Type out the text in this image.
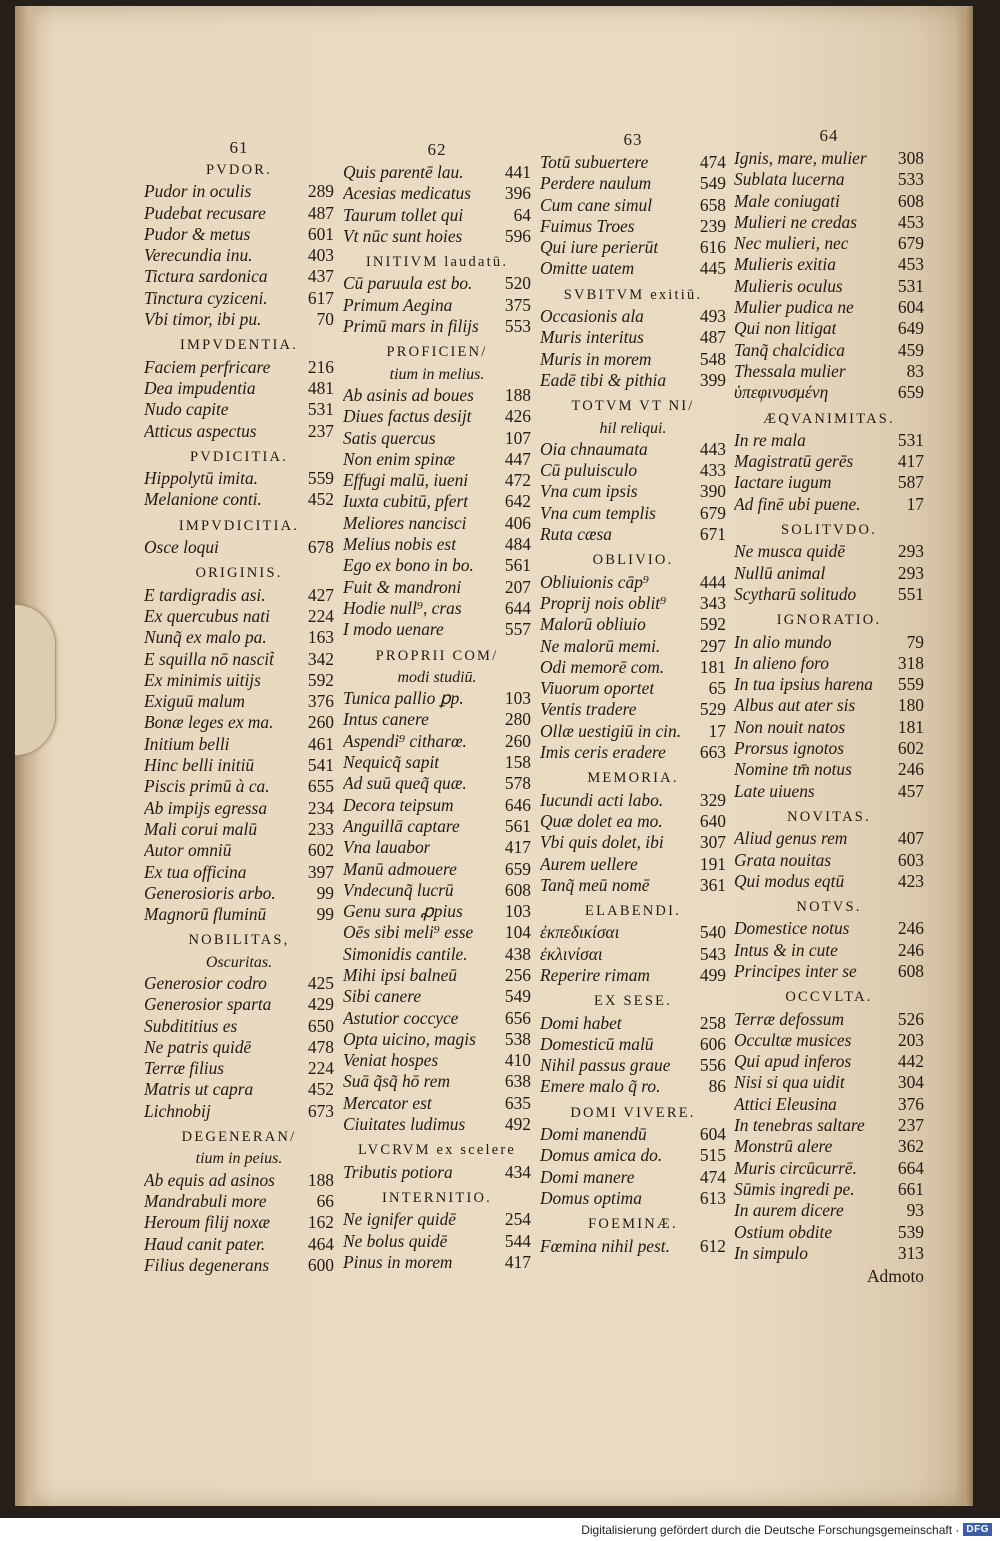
61
PVDOR.
Pudor in oculis	289
Pudebat recusare 487
Pudor & metus	601
Verecundia inu.	403
Tictura sardonica 437
Tinctura cyziceni. 617
Vbi timor, ibi pu.	70
IMPVDENTIA.
Faciem perfricare 216
Dea impudentia	481
Nudo capite	531
Atticus aspectus	237
PVDICITIA.
Hippolytū imita.	559
Melanione conti.	452
IMPVDICITIA.
Osce loqui	678
ORIGINIS.
E tardigradis asi. 427
Ex quercubus nati 224
Nunq̃ ex malo pa. 163
E squilla nō nascit̃ 342
Ex minimis uitijs	592
Exiguū malum	376
Bonæ leges ex ma. 260
Initium belli	461
Hinc belli initiū	541
Piscis primū à ca. 655
Ab impijs egressa 234
Mali corui malū	233
Autor omniū	602
Ex tua officina	397
Generosioris arbo. 99
Magnorū fluminū	99
NOBILITAS,
Oscuritas.
Generosior codro 425
Generosior sparta 429
Subdititius es	650
Ne patris quidē	478
Terræ filius	224
Matris ut capra	452
Lichnobij	673
DEGENERAN/
tium in peius.
Ab equis ad asinos 188
Mandrabuli more	66
Heroum filij noxæ 162
Haud canit pater. 464
Filius degenerans 600
62
Quis parentē lau. 441
Acesias medicatus 396
Taurum tollet qui	64
Vt nūc sunt hoies 596
INITIVM laudatū.
Cū paruula est bo. 520
Primum Aegina	375
Primū mars in filijs 553
PROFICIEN/
tium in melius.
Ab asinis ad boues 188
Diues factus desijt 426
Satis quercus	107
Non enim spinæ	447
Effugi malū, iueni 472
Iuxta cubitū, pfert 642
Meliores nancisci 406
Melius nobis est	484
Ego ex bono in bo. 561
Fuit & mandroni	207
Hodie null⁹, cras 644
I modo uenare	557
PROPRII COM/
modi studiū.
Tunica pallio ꝑp. 103
Intus canere	280
Aspendi⁹ citharœ. 260
Nequicq̃ sapit	158
Ad suū queq̃ quæ. 578
Decora teipsum	646
Anguillā captare	561
Vna lauabor	417
Manū admouere	659
Vndecunq̃ lucrū	608
Genu sura ꝓpius 103
Oēs sibi meli⁹ esse 104
Simonidis cantile. 438
Mihi ipsi balneū	256
Sibi canere	549
Astutior coccyce	656
Opta uicino, magis 538
Veniat hospes	410
Suā q̃sq̃ hō rem	638
Mercator est	635
Ciuitates ludimus 492
LVCRVM ex scelere
Tributis potiora	434
INTERNITIO.
Ne ignifer quidē	254
Ne bolus quidē	544
Pinus in morem	417
63
Totū subuertere	474
Perdere naulum	549
Cum cane simul	658
Fuimus Troes	239
Qui iure perierūt 616
Omitte uatem	445
SVBITVM exitiū.
Occasionis ala	493
Muris interitus	487
Muris in morem	548
Eadē tibi & pithia 399
TOTVM VT NI/
hil reliqui.
Oia chnaumata	443
Cū puluisculo	433
Vna cum ipsis	390
Vna cum templis	679
Ruta cæsa	671
OBLIVIO.
Obliuionis cāp⁹	444
Proprij nois oblit⁹ 343
Malorū obliuio	592
Ne malorū memi. 297
Odi memorē com. 181
Viuorum oportet	65
Ventis tradere	529
Ollæ uestigiū in cin. 17
Imis ceris eradere 663
MEMORIA.
Iucundi acti labo. 329
Quæ dolet ea mo. 640
Vbi quis dolet, ibi 307
Aurem uellere	191
Tanq̃ meū nomē	361
ELABENDI.
ἐκπεδικίσαι	540
ἐκλινίσαι	543
Reperire rimam	499
EX SESE.
Domi habet	258
Domesticū malū	606
Nihil passus graue 556
Emere malo q̃ ro.	86
DOMI VIVERE.
Domi manendū	604
Domus amica do. 515
Domi manere	474
Domus optima	613
FOEMINÆ.
Fœmina nihil pest. 612
64
Ignis, mare, mulier 308
Sublata lucerna	533
Male coniugati	608
Mulieri ne credas 453
Nec mulieri, nec	679
Mulieris exitia	453
Mulieris oculus	531
Mulier pudica ne	604
Qui non litigat	649
Tanq̃ chalcidica	459
Thessala mulier	83
ὑπεφινυσμένη	659
ÆQVANIMITAS.
In re mala	531
Magistratū gerēs	417
Iactare iugum	587
Ad finē ubi puene.	17
SOLITVDO.
Ne musca quidē	293
Nullū animal	293
Scytharū solitudo 551
IGNORATIO.
In alio mundo	79
In alieno foro	318
In tua ipsius harena 559
Albus aut ater sis 180
Non nouit natos	181
Prorsus ignotos	602
Nomine tm̄ notus	246
Late uiuens	457
NOVITAS.
Aliud genus rem	407
Grata nouitas	603
Qui modus eqtū	423
NOTVS.
Domestice notus	246
Intus & in cute	246
Principes inter se 608
OCCVLTA.
Terræ defossum	526
Occultæ musices	203
Qui apud inferos	442
Nisi si qua uidit	304
Attici Eleusina	376
In tenebras saltare 237
Monstrū alere	362
Muris circūcurrē. 664
Sūmis ingredi pe. 661
In aurem dicere	93
Ostium obdite	539
In simpulo	313
Admoto
Digitalisierung gefördert durch die Deutsche Forschungsgemeinschaft · DFG
